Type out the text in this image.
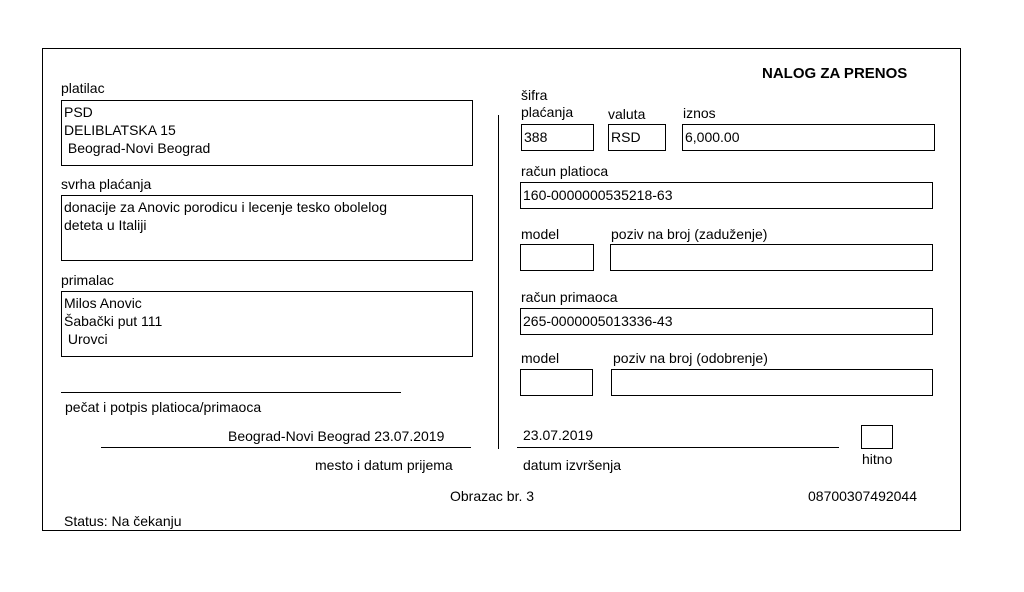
NALOG ZA PRENOS
platilac
PSD
DELIBLATSKA 15
Beograd-Novi Beograd
svrha plaćanja
donacije za Anovic porodicu i lecenje tesko obolelog
deteta u Italiji
primalac
Milos Anovic
Šabački put 111
Urovci
pečat i potpis platioca/primaoca
Beograd-Novi Beograd 23.07.2019
mesto i datum prijema
šifra
plaćanja
388
valuta
RSD
iznos
6,000.00
račun platioca
160-0000000535218-63
model	poziv na broj (zaduženje)
račun primaoca
265-0000005013336-43
model	poziv na broj (odobrenje)
23.07.2019
datum izvršenja	hitno
Obrazac br. 3	08700307492044
Status: Na čekanju
